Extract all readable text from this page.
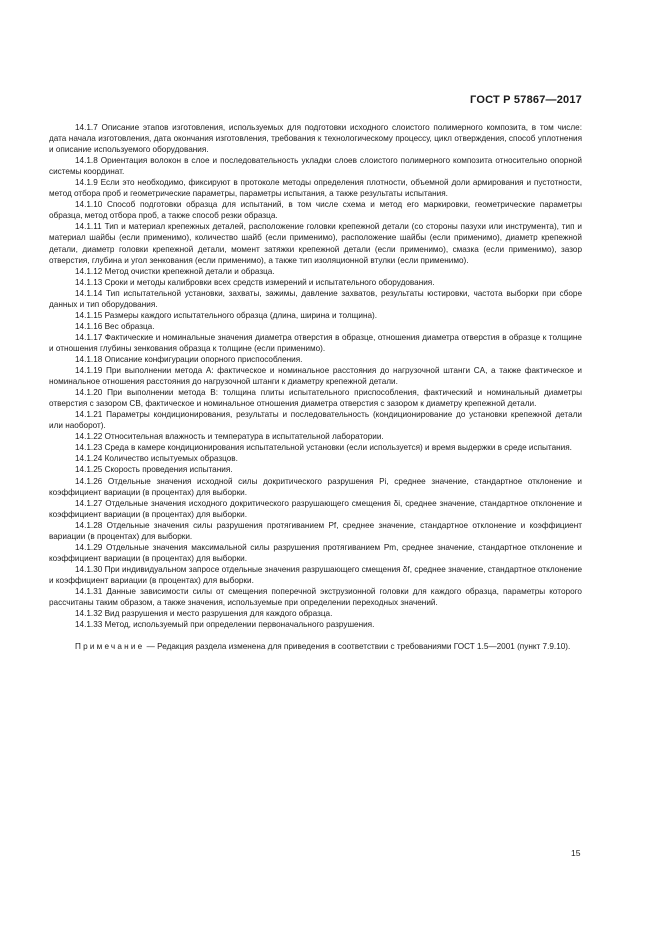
ГОСТ Р 57867—2017

14.1.7 Описание этапов изготовления, используемых для подготовки исходного слоистого полимерного композита, в том числе: дата начала изготовления, дата окончания изготовления, требования к технологическому процессу, цикл отверждения, способ уплотнения и описание используемого оборудования.

14.1.8 Ориентация волокон в слое и последовательность укладки слоев слоистого полимерного композита относительно опорной системы координат.

14.1.9 Если это необходимо, фиксируют в протоколе методы определения плотности, объемной доли армирования и пустотности, метод отбора проб и геометрические параметры, параметры испытания, а также результаты испытания.

14.1.10 Способ подготовки образца для испытаний, в том числе схема и метод его маркировки, геометрические параметры образца, метод отбора проб, а также способ резки образца.

14.1.11 Тип и материал крепежных деталей, расположение головки крепежной детали (со стороны пазухи или инструмента), тип и материал шайбы (если применимо), количество шайб (если применимо), расположение шайбы (если применимо), диаметр крепежной детали, диаметр головки крепежной детали, момент затяжки крепежной детали (если применимо), смазка (если применимо), зазор отверстия, глубина и угол зенкования (если применимо), а также тип изоляционной втулки (если применимо).

14.1.12 Метод очистки крепежной детали и образца.

14.1.13 Сроки и методы калибровки всех средств измерений и испытательного оборудования.

14.1.14 Тип испытательной установки, захваты, зажимы, давление захватов, результаты юстировки, частота выборки при сборе данных и тип оборудования.

14.1.15 Размеры каждого испытательного образца (длина, ширина и толщина).

14.1.16 Вес образца.

14.1.17 Фактические и номинальные значения диаметра отверстия в образце, отношения диаметра отверстия в образце к толщине и отношения глубины зенкования образца к толщине (если применимо).

14.1.18 Описание конфигурации опорного приспособления.

14.1.19 При выполнении метода А: фактическое и номинальное расстояния до нагрузочной штанги CA, а также фактическое и номинальное отношения расстояния до нагрузочной штанги к диаметру крепежной детали.

14.1.20 При выполнении метода В: толщина плиты испытательного приспособления, фактический и номинальный диаметры отверстия с зазором CB, фактическое и номинальное отношения диаметра отверстия с зазором к диаметру крепежной детали.

14.1.21 Параметры кондиционирования, результаты и последовательность (кондиционирование до установки крепежной детали или наоборот).

14.1.22 Относительная влажность и температура в испытательной лаборатории.

14.1.23 Среда в камере кондиционирования испытательной установки (если используется) и время выдержки в среде испытания.

14.1.24 Количество испытуемых образцов.

14.1.25 Скорость проведения испытания.

14.1.26 Отдельные значения исходной силы докритического разрушения Pi, среднее значение, стандартное отклонение и коэффициент вариации (в процентах) для выборки.

14.1.27 Отдельные значения исходного докритического разрушающего смещения δi, среднее значение, стандартное отклонение и коэффициент вариации (в процентах) для выборки.

14.1.28 Отдельные значения силы разрушения протягиванием Pf, среднее значение, стандартное отклонение и коэффициент вариации (в процентах) для выборки.

14.1.29 Отдельные значения максимальной силы разрушения протягиванием Pm, среднее значение, стандартное отклонение и коэффициент вариации (в процентах) для выборки.

14.1.30 При индивидуальном запросе отдельные значения разрушающего смещения δf, среднее значение, стандартное отклонение и коэффициент вариации (в процентах) для выборки.

14.1.31 Данные зависимости силы от смещения поперечной экструзионной головки для каждого образца, параметры которого рассчитаны таким образом, а также значения, используемые при определении переходных значений.

14.1.32 Вид разрушения и место разрушения для каждого образца.

14.1.33 Метод, используемый при определении первоначального разрушения.

Примечание — Редакция раздела изменена для приведения в соответствии с требованиями ГОСТ 1.5—2001 (пункт 7.9.10).

15
